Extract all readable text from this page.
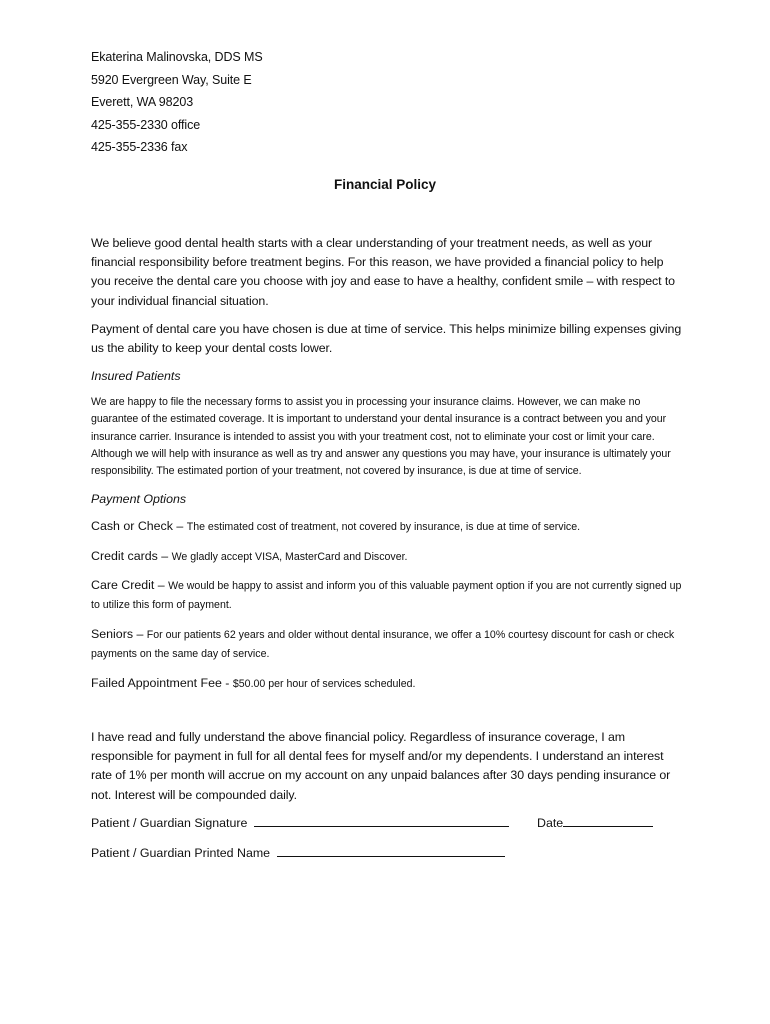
Ekaterina Malinovska, DDS MS
5920 Evergreen Way, Suite E
Everett, WA 98203
425-355-2330 office
425-355-2336 fax
Financial Policy

We believe good dental health starts with a clear understanding of your treatment needs, as well as your financial responsibility before treatment begins. For this reason, we have provided a financial policy to help you receive the dental care you choose with joy and ease to have a healthy, confident smile – with respect to your individual financial situation.

Payment of dental care you have chosen is due at time of service. This helps minimize billing expenses giving us the ability to keep your dental costs lower.

Insured Patients

We are happy to file the necessary forms to assist you in processing your insurance claims. However, we can make no guarantee of the estimated coverage. It is important to understand your dental insurance is a contract between you and your insurance carrier. Insurance is intended to assist you with your treatment cost, not to eliminate your cost or limit your care. Although we will help with insurance as well as try and answer any questions you may have, your insurance is ultimately your responsibility. The estimated portion of your treatment, not covered by insurance, is due at time of service.

Payment Options
Cash or Check – The estimated cost of treatment, not covered by insurance, is due at time of service.
Credit cards – We gladly accept VISA, MasterCard and Discover.
Care Credit – We would be happy to assist and inform you of this valuable payment option if you are not currently signed up to utilize this form of payment.
Seniors – For our patients 62 years and older without dental insurance, we offer a 10% courtesy discount for cash or check payments on the same day of service.
Failed Appointment Fee - $50.00 per hour of services scheduled.

I have read and fully understand the above financial policy. Regardless of insurance coverage, I am responsible for payment in full for all dental fees for myself and/or my dependents. I understand an interest rate of 1% per month will accrue on my account on any unpaid balances after 30 days pending insurance or not. Interest will be compounded daily.

Patient / Guardian Signature	Date
Patient / Guardian Printed Name
